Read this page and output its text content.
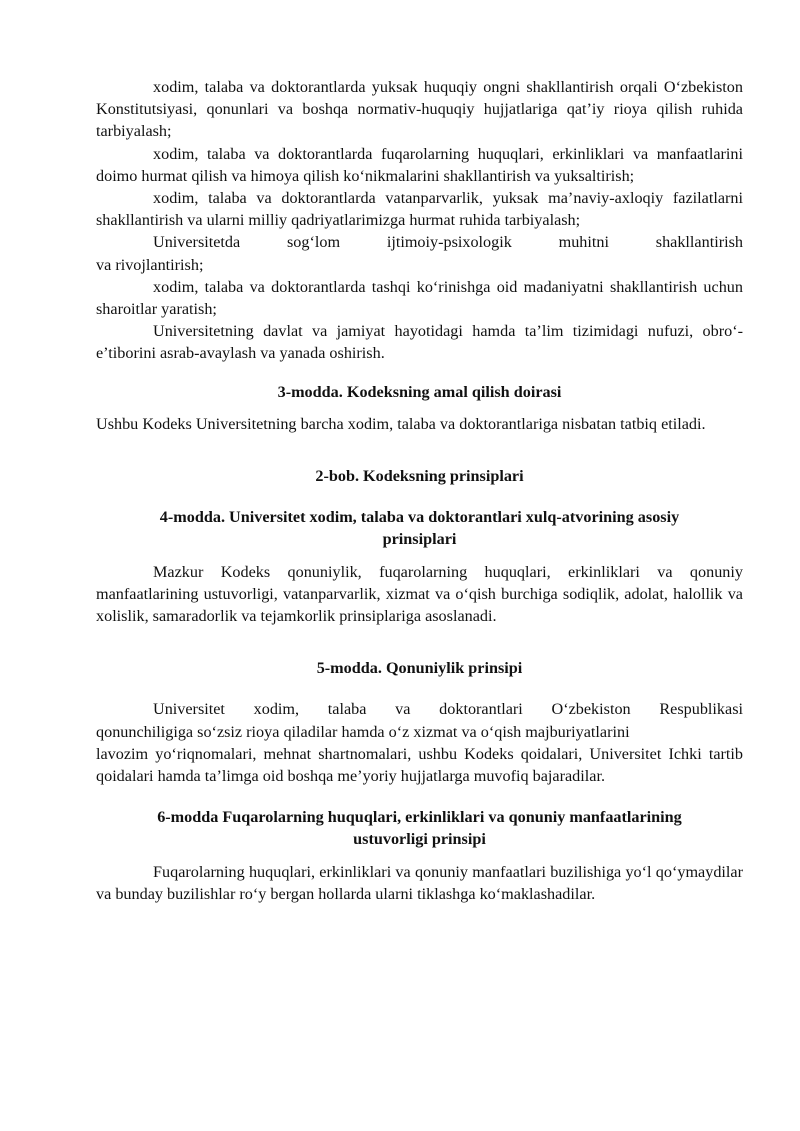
xodim, talaba va doktorantlarda yuksak huquqiy ongni shakllantirish orqali O‘zbekiston Konstitutsiyasi, qonunlari va boshqa normativ-huquqiy hujjatlariga qat’iy rioya qilish ruhida tarbiyalash;

xodim, talaba va doktorantlarda fuqarolarning huquqlari, erkinliklari va manfaatlarini doimo hurmat qilish va himoya qilish ko‘nikmalarini shakllantirish va yuksaltirish;

xodim, talaba va doktorantlarda vatanparvarlik, yuksak ma’naviy-axloqiy fazilatlarni shakllantirish va ularni milliy qadriyatlarimizga hurmat ruhida tarbiyalash;

Universitetda sog‘lom ijtimoiy-psixologik muhitni shakllantirish

va rivojlantirish;

xodim, talaba va doktorantlarda tashqi ko‘rinishga oid madaniyatni shakllantirish uchun sharoitlar yaratish;

Universitetning davlat va jamiyat hayotidagi hamda ta’lim tizimidagi nufuzi, obro‘-e’tiborini asrab-avaylash va yanada oshirish.

3-modda. Kodeksning amal qilish doirasi

Ushbu Kodeks Universitetning barcha xodim, talaba va doktorantlariga nisbatan tatbiq etiladi.

2-bob. Kodeksning prinsiplari
4-modda. Universitet xodim, talaba va doktorantlari xulq-atvorining asosiy
prinsiplari

Mazkur Kodeks qonuniylik, fuqarolarning huquqlari, erkinliklari va qonuniy manfaatlarining ustuvorligi, vatanparvarlik, xizmat va o‘qish burchiga sodiqlik, adolat, halollik va xolislik, samaradorlik va tejamkorlik prinsiplariga asoslanadi.

5-modda. Qonuniylik prinsipi

Universitet xodim, talaba va doktorantlari O‘zbekiston Respublikasi

qonunchiligiga so‘zsiz rioya qiladilar hamda o‘z xizmat va o‘qish majburiyatlarini

lavozim yo‘riqnomalari, mehnat shartnomalari, ushbu Kodeks qoidalari, Universitet Ichki tartib qoidalari hamda ta’limga oid boshqa me’yoriy hujjatlarga muvofiq bajaradilar.

6-modda Fuqarolarning huquqlari, erkinliklari va qonuniy manfaatlarining
ustuvorligi prinsipi

Fuqarolarning huquqlari, erkinliklari va qonuniy manfaatlari buzilishiga yo‘l qo‘ymaydilar va bunday buzilishlar ro‘y bergan hollarda ularni tiklashga ko‘maklashadilar.
